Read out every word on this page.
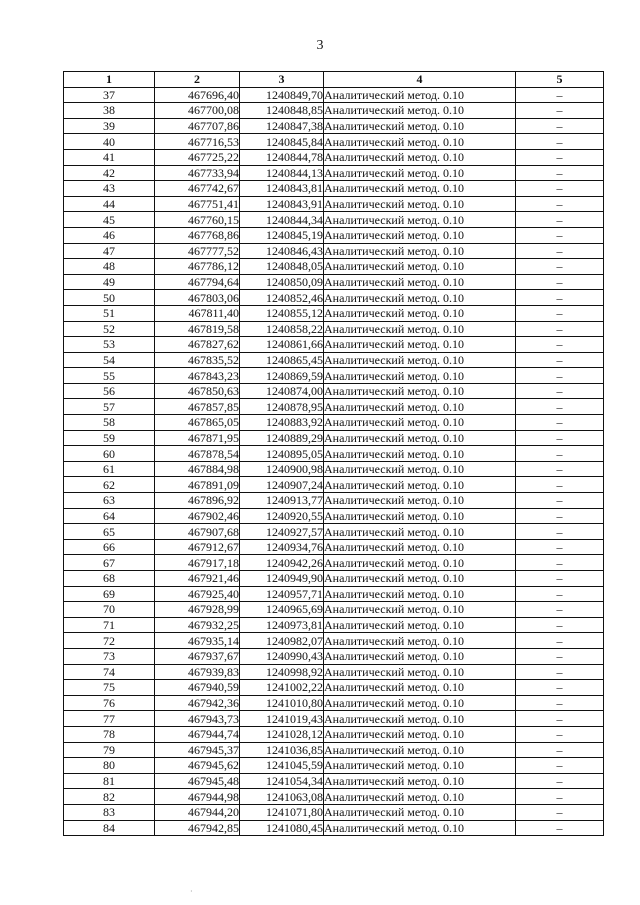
3
1	2	3	4	5
37	467696,40	1240849,70	Аналитический метод. 0.10	–
38	467700,08	1240848,85	Аналитический метод. 0.10	–
39	467707,86	1240847,38	Аналитический метод. 0.10	–
40	467716,53	1240845,84	Аналитический метод. 0.10	–
41	467725,22	1240844,78	Аналитический метод. 0.10	–
42	467733,94	1240844,13	Аналитический метод. 0.10	–
43	467742,67	1240843,81	Аналитический метод. 0.10	–
44	467751,41	1240843,91	Аналитический метод. 0.10	–
45	467760,15	1240844,34	Аналитический метод. 0.10	–
46	467768,86	1240845,19	Аналитический метод. 0.10	–
47	467777,52	1240846,43	Аналитический метод. 0.10	–
48	467786,12	1240848,05	Аналитический метод. 0.10	–
49	467794,64	1240850,09	Аналитический метод. 0.10	–
50	467803,06	1240852,46	Аналитический метод. 0.10	–
51	467811,40	1240855,12	Аналитический метод. 0.10	–
52	467819,58	1240858,22	Аналитический метод. 0.10	–
53	467827,62	1240861,66	Аналитический метод. 0.10	–
54	467835,52	1240865,45	Аналитический метод. 0.10	–
55	467843,23	1240869,59	Аналитический метод. 0.10	–
56	467850,63	1240874,00	Аналитический метод. 0.10	–
57	467857,85	1240878,95	Аналитический метод. 0.10	–
58	467865,05	1240883,92	Аналитический метод. 0.10	–
59	467871,95	1240889,29	Аналитический метод. 0.10	–
60	467878,54	1240895,05	Аналитический метод. 0.10	–
61	467884,98	1240900,98	Аналитический метод. 0.10	–
62	467891,09	1240907,24	Аналитический метод. 0.10	–
63	467896,92	1240913,77	Аналитический метод. 0.10	–
64	467902,46	1240920,55	Аналитический метод. 0.10	–
65	467907,68	1240927,57	Аналитический метод. 0.10	–
66	467912,67	1240934,76	Аналитический метод. 0.10	–
67	467917,18	1240942,26	Аналитический метод. 0.10	–
68	467921,46	1240949,90	Аналитический метод. 0.10	–
69	467925,40	1240957,71	Аналитический метод. 0.10	–
70	467928,99	1240965,69	Аналитический метод. 0.10	–
71	467932,25	1240973,81	Аналитический метод. 0.10	–
72	467935,14	1240982,07	Аналитический метод. 0.10	–
73	467937,67	1240990,43	Аналитический метод. 0.10	–
74	467939,83	1240998,92	Аналитический метод. 0.10	–
75	467940,59	1241002,22	Аналитический метод. 0.10	–
76	467942,36	1241010,80	Аналитический метод. 0.10	–
77	467943,73	1241019,43	Аналитический метод. 0.10	–
78	467944,74	1241028,12	Аналитический метод. 0.10	–
79	467945,37	1241036,85	Аналитический метод. 0.10	–
80	467945,62	1241045,59	Аналитический метод. 0.10	–
81	467945,48	1241054,34	Аналитический метод. 0.10	–
82	467944,98	1241063,08	Аналитический метод. 0.10	–
83	467944,20	1241071,80	Аналитический метод. 0.10	–
84	467942,85	1241080,45	Аналитический метод. 0.10	–
·
